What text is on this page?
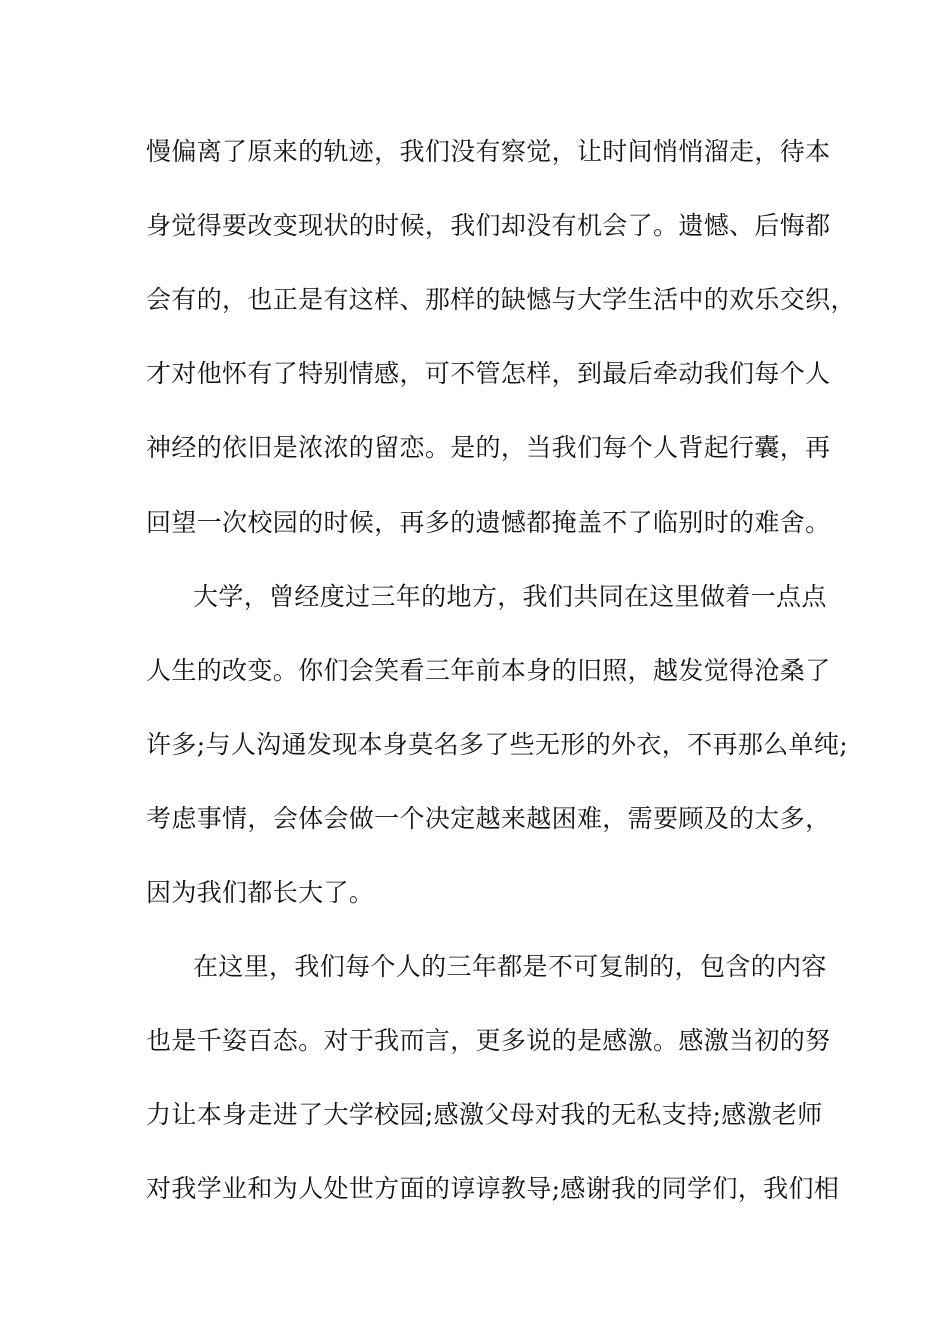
慢偏离了原来的轨迹，我们没有察觉，让时间悄悄溜走，待本
身觉得要改变现状的时候，我们却没有机会了。遗憾、后悔都
会有的，也正是有这样、那样的缺憾与大学生活中的欢乐交织，
才对他怀有了特别情感，可不管怎样，到最后牵动我们每个人
神经的依旧是浓浓的留恋。是的，当我们每个人背起行囊，再
回望一次校园的时候，再多的遗憾都掩盖不了临别时的难舍。
大学，曾经度过三年的地方，我们共同在这里做着一点点
人生的改变。你们会笑看三年前本身的旧照，越发觉得沧桑了
许多;与人沟通发现本身莫名多了些无形的外衣，不再那么单纯;
考虑事情，会体会做一个决定越来越困难，需要顾及的太多，
因为我们都长大了。
在这里，我们每个人的三年都是不可复制的，包含的内容
也是千姿百态。对于我而言，更多说的是感激。感激当初的努
力让本身走进了大学校园;感激父母对我的无私支持;感激老师
对我学业和为人处世方面的谆谆教导;感谢我的同学们，我们相
